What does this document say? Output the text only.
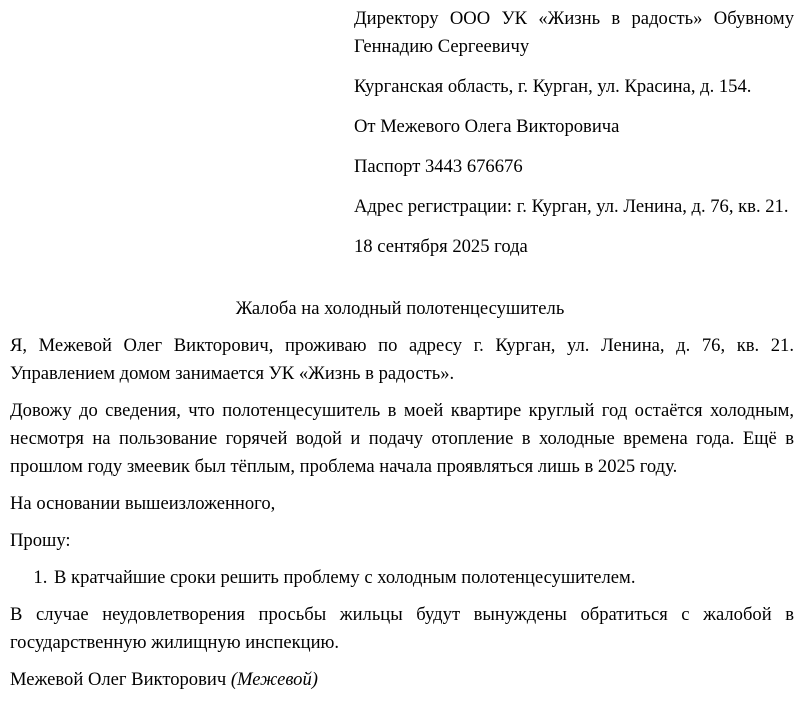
Директору ООО УК «Жизнь в радость» Обувному Геннадию Сергеевичу

Курганская область, г. Курган, ул. Красина, д. 154.

От Межевого Олега Викторовича

Паспорт 3443 676676

Адрес регистрации: г. Курган, ул. Ленина, д. 76, кв. 21.

18 сентября 2025 года

Жалоба на холодный полотенцесушитель

Я, Межевой Олег Викторович, проживаю по адресу г. Курган, ул. Ленина, д. 76, кв. 21. Управлением домом занимается УК «Жизнь в радость».

Довожу до сведения, что полотенцесушитель в моей квартире круглый год остаётся холодным, несмотря на пользование горячей водой и подачу отопление в холодные времена года. Ещё в прошлом году змеевик был тёплым, проблема начала проявляться лишь в 2025 году.

На основании вышеизложенного,

Прошу:

1. В кратчайшие сроки решить проблему с холодным полотенцесушителем.

В случае неудовлетворения просьбы жильцы будут вынуждены обратиться с жалобой в государственную жилищную инспекцию.

Межевой Олег Викторович (Межевой)
